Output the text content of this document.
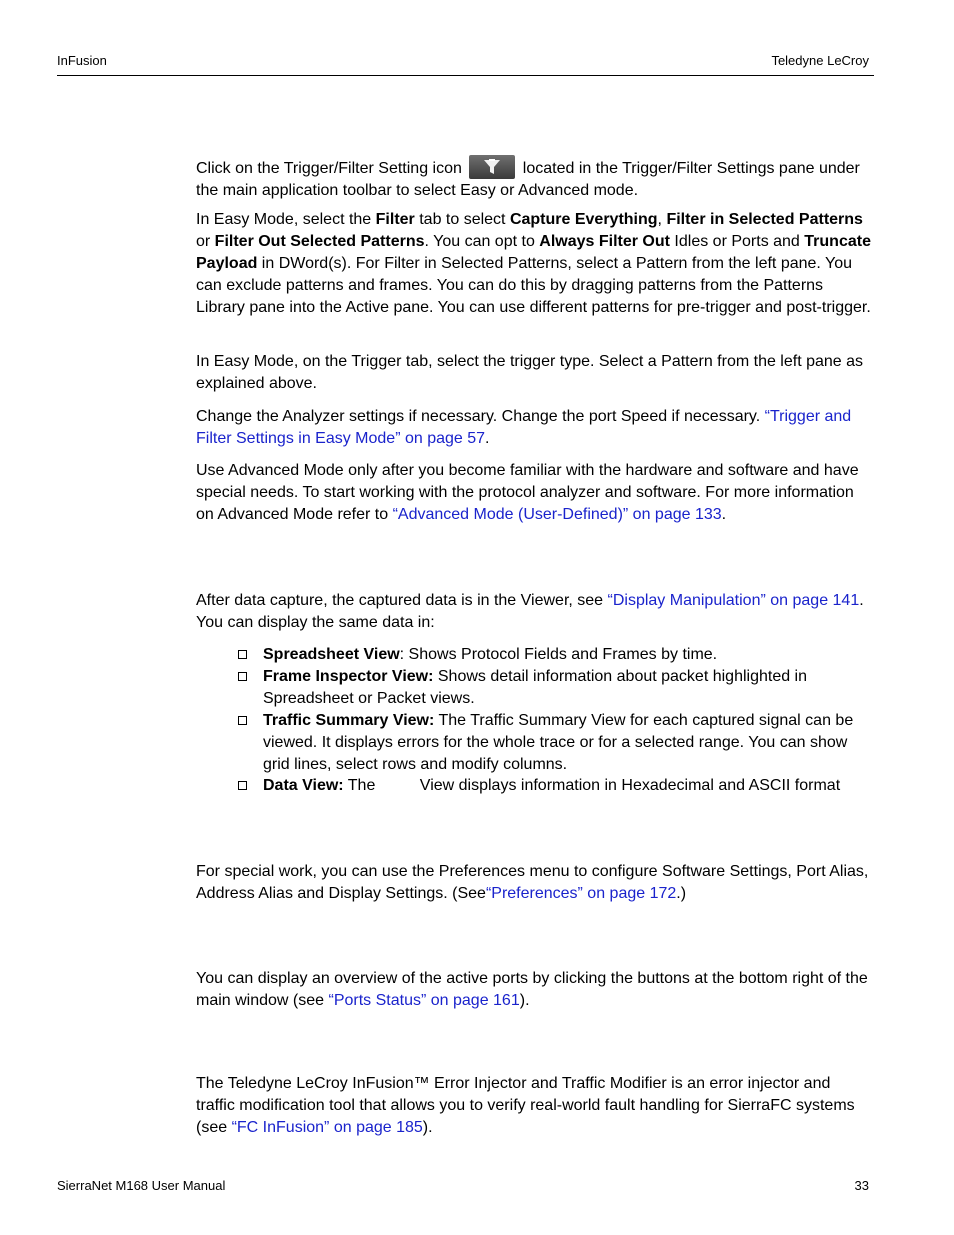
InFusion	Teledyne LeCroy
Click on the Trigger/Filter Setting icon	located in the Trigger/Filter Settings pane under the main application toolbar to select Easy or Advanced mode.
In Easy Mode, select the Filter tab to select Capture Everything, Filter in Selected Patterns or Filter Out Selected Patterns. You can opt to Always Filter Out Idles or Ports and Truncate Payload in DWord(s). For Filter in Selected Patterns, select a Pattern from the left pane. You can exclude patterns and frames. You can do this by dragging patterns from the Patterns Library pane into the Active pane. You can use different patterns for pre-trigger and post-trigger.
In Easy Mode, on the Trigger tab, select the trigger type. Select a Pattern from the left pane as explained above.
Change the Analyzer settings if necessary. Change the port Speed if necessary. “Trigger and Filter Settings in Easy Mode” on page 57.
Use Advanced Mode only after you become familiar with the hardware and software and have special needs. To start working with the protocol analyzer and software. For more information on Advanced Mode refer to “Advanced Mode (User-Defined)” on page 133.
After data capture, the captured data is in the Viewer, see “Display Manipulation” on page 141. You can display the same data in:
Spreadsheet View: Shows Protocol Fields and Frames by time.
Frame Inspector View: Shows detail information about packet highlighted in Spreadsheet or Packet views.
Traffic Summary View: The Traffic Summary View for each captured signal can be viewed. It displays errors for the whole trace or for a selected range. You can show grid lines, select rows and modify columns.
Data View: The          View displays information in Hexadecimal and ASCII format
For special work, you can use the Preferences menu to configure Software Settings, Port Alias, Address Alias and Display Settings. (See“Preferences” on page 172.)
You can display an overview of the active ports by clicking the buttons at the bottom right of the main window (see “Ports Status” on page 161).
The Teledyne LeCroy InFusion™ Error Injector and Traffic Modifier is an error injector and traffic modification tool that allows you to verify real-world fault handling for SierraFC systems (see “FC InFusion” on page 185).
SierraNet M168 User Manual	33
